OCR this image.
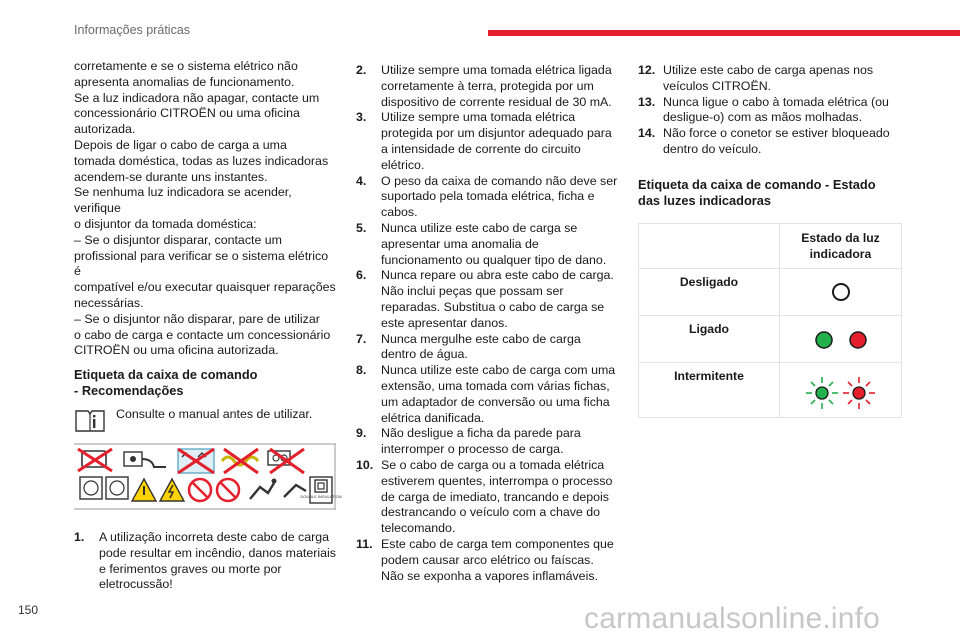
Informações práticas

corretamente e se o sistema elétrico não
apresenta anomalias de funcionamento.
Se a luz indicadora não apagar, contacte um
concessionário CITROËN ou uma oficina
autorizada.
Depois de ligar o cabo de carga a uma
tomada doméstica, todas as luzes indicadoras
acendem-se durante uns instantes.
Se nenhuma luz indicadora se acender, verifique
o disjuntor da tomada doméstica:
– Se o disjuntor disparar, contacte um
profissional para verificar se o sistema elétrico é
compatível e/ou executar quaisquer reparações
necessárias.
– Se o disjuntor não disparar, pare de utilizar
o cabo de carga e contacte um concessionário
CITROËN ou uma oficina autorizada.

Etiqueta da caixa de comando
- Recomendações
Consulte o manual antes de utilizar.
DOUBLE INSULATION
1.	A utilização incorreta deste cabo de carga pode resultar em incêndio, danos materiais e ferimentos graves ou morte por eletrocussão!
2.	Utilize sempre uma tomada elétrica ligada corretamente à terra, protegida por um dispositivo de corrente residual de 30 mA.
3.	Utilize sempre uma tomada elétrica protegida por um disjuntor adequado para a intensidade de corrente do circuito elétrico.
4.	O peso da caixa de comando não deve ser suportado pela tomada elétrica, ficha e cabos.
5.	Nunca utilize este cabo de carga se apresentar uma anomalia de funcionamento ou qualquer tipo de dano.
6.	Nunca repare ou abra este cabo de carga. Não inclui peças que possam ser reparadas. Substitua o cabo de carga se este apresentar danos.
7.	Nunca mergulhe este cabo de carga dentro de água.
8.	Nunca utilize este cabo de carga com uma extensão, uma tomada com várias fichas, um adaptador de conversão ou uma ficha elétrica danificada.
9.	Não desligue a ficha da parede para interromper o processo de carga.
10. Se o cabo de carga ou a tomada elétrica estiverem quentes, interrompa o processo de carga de imediato, trancando e depois destrancando o veículo com a chave do telecomando.
11. Este cabo de carga tem componentes que podem causar arco elétrico ou faíscas. Não se exponha a vapores inflamáveis.
12. Utilize este cabo de carga apenas nos veículos CITROËN.
13. Nunca ligue o cabo à tomada elétrica (ou desligue-o) com as mãos molhadas.
14. Não force o conetor se estiver bloqueado dentro do veículo.
Etiqueta da caixa de comando - Estado
das luzes indicadoras
	Estado da luz indicadora
Desligado	

Ligado	

Intermitente	
150	carmanualsonline.info
